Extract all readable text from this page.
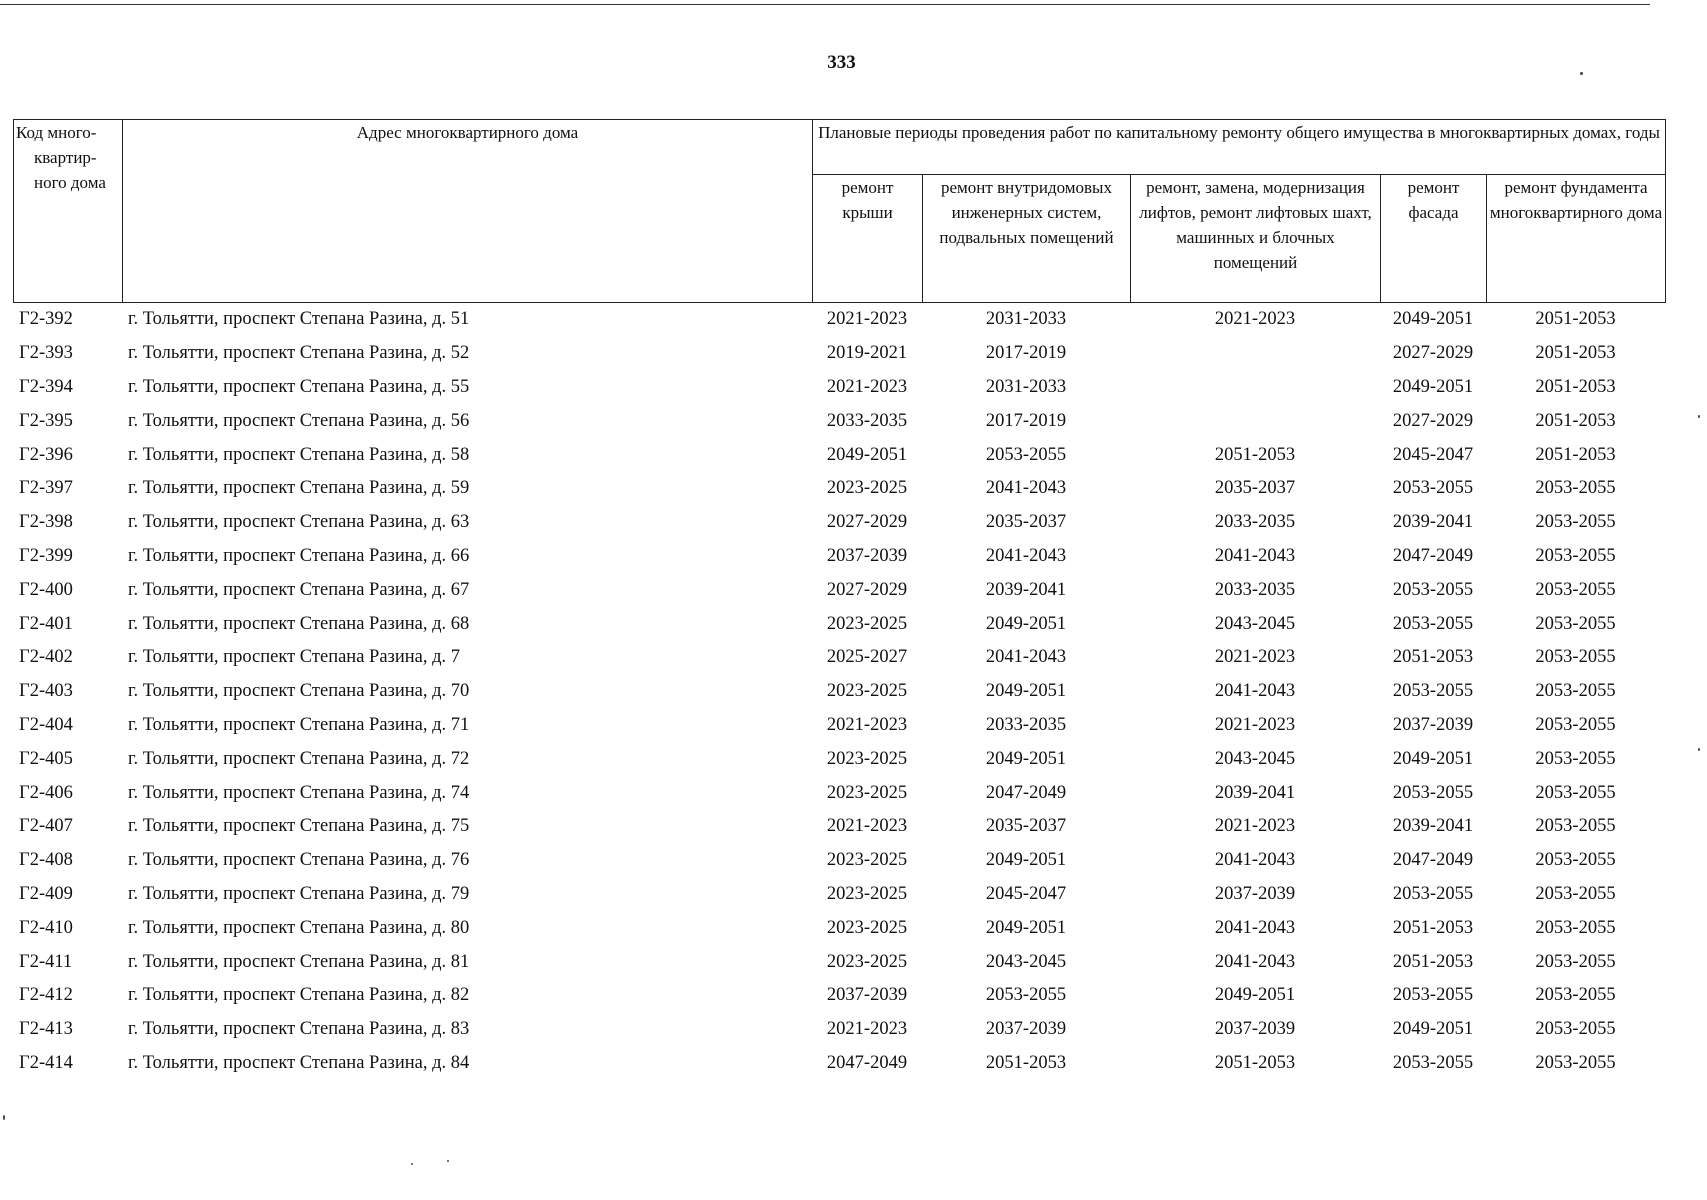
333
Код много-
квартир-
ного дома	Адрес многоквартирного дома	Плановые периоды проведения работ по капитальному ремонту общего имущества в многоквартирных домах, годы				
		ремонт крыши	ремонт внутридомовых инженерных систем, подвальных помещений	ремонт, замена, модернизация лифтов, ремонт лифтовых шахт, машинных и блочных помещений	ремонт фасада	ремонт фундамента многоквартирного дома
Г2-392	г. Тольятти, проспект Степана Разина, д. 51	2021-2023	2031-2033	2021-2023	2049-2051	2051-2053
Г2-393	г. Тольятти, проспект Степана Разина, д. 52	2019-2021	2017-2019		2027-2029	2051-2053
Г2-394	г. Тольятти, проспект Степана Разина, д. 55	2021-2023	2031-2033		2049-2051	2051-2053
Г2-395	г. Тольятти, проспект Степана Разина, д. 56	2033-2035	2017-2019		2027-2029	2051-2053
Г2-396	г. Тольятти, проспект Степана Разина, д. 58	2049-2051	2053-2055	2051-2053	2045-2047	2051-2053
Г2-397	г. Тольятти, проспект Степана Разина, д. 59	2023-2025	2041-2043	2035-2037	2053-2055	2053-2055
Г2-398	г. Тольятти, проспект Степана Разина, д. 63	2027-2029	2035-2037	2033-2035	2039-2041	2053-2055
Г2-399	г. Тольятти, проспект Степана Разина, д. 66	2037-2039	2041-2043	2041-2043	2047-2049	2053-2055
Г2-400	г. Тольятти, проспект Степана Разина, д. 67	2027-2029	2039-2041	2033-2035	2053-2055	2053-2055
Г2-401	г. Тольятти, проспект Степана Разина, д. 68	2023-2025	2049-2051	2043-2045	2053-2055	2053-2055
Г2-402	г. Тольятти, проспект Степана Разина, д. 7	2025-2027	2041-2043	2021-2023	2051-2053	2053-2055
Г2-403	г. Тольятти, проспект Степана Разина, д. 70	2023-2025	2049-2051	2041-2043	2053-2055	2053-2055
Г2-404	г. Тольятти, проспект Степана Разина, д. 71	2021-2023	2033-2035	2021-2023	2037-2039	2053-2055
Г2-405	г. Тольятти, проспект Степана Разина, д. 72	2023-2025	2049-2051	2043-2045	2049-2051	2053-2055
Г2-406	г. Тольятти, проспект Степана Разина, д. 74	2023-2025	2047-2049	2039-2041	2053-2055	2053-2055
Г2-407	г. Тольятти, проспект Степана Разина, д. 75	2021-2023	2035-2037	2021-2023	2039-2041	2053-2055
Г2-408	г. Тольятти, проспект Степана Разина, д. 76	2023-2025	2049-2051	2041-2043	2047-2049	2053-2055
Г2-409	г. Тольятти, проспект Степана Разина, д. 79	2023-2025	2045-2047	2037-2039	2053-2055	2053-2055
Г2-410	г. Тольятти, проспект Степана Разина, д. 80	2023-2025	2049-2051	2041-2043	2051-2053	2053-2055
Г2-411	г. Тольятти, проспект Степана Разина, д. 81	2023-2025	2043-2045	2041-2043	2051-2053	2053-2055
Г2-412	г. Тольятти, проспект Степана Разина, д. 82	2037-2039	2053-2055	2049-2051	2053-2055	2053-2055
Г2-413	г. Тольятти, проспект Степана Разина, д. 83	2021-2023	2037-2039	2037-2039	2049-2051	2053-2055
Г2-414	г. Тольятти, проспект Степана Разина, д. 84	2047-2049	2051-2053	2051-2053	2053-2055	2053-2055
